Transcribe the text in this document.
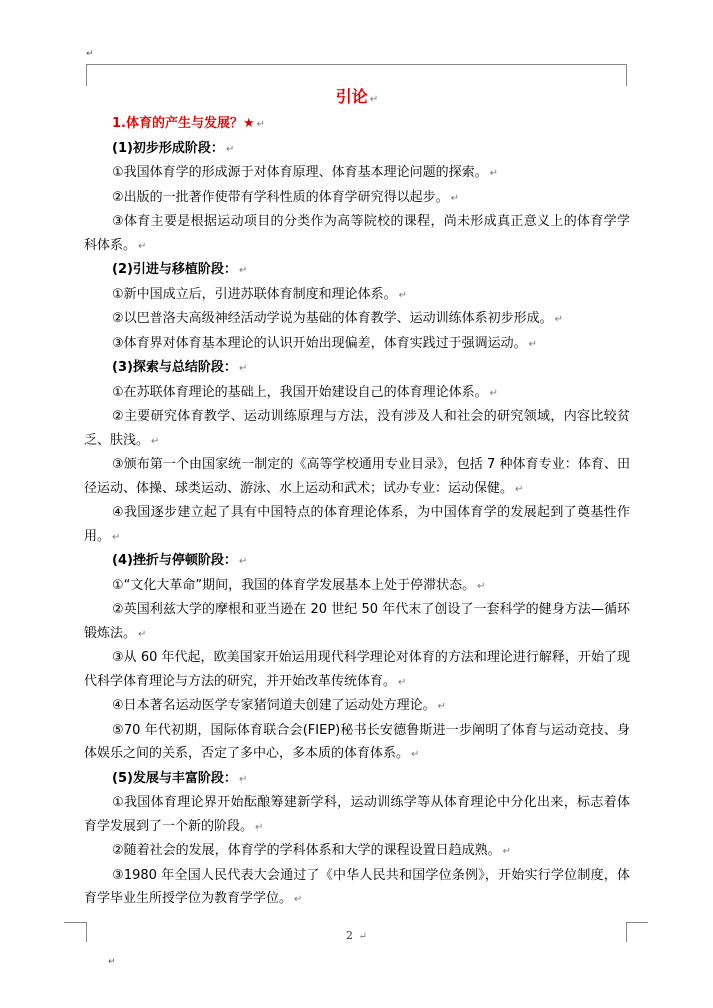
↵
↵
引论 ↵
1.体育的产生与发展？★ ↵
(1)初步形成阶段： ↵

①我国体育学的形成源于对体育原理、体育基本理论问题的探索。 ↵

②出版的一批著作使带有学科性质的体育学研究得以起步。 ↵

③体育主要是根据运动项目的分类作为高等院校的课程，尚未形成真正意义上的体育学学科体系。 ↵

(2)引进与移植阶段： ↵

①新中国成立后，引进苏联体育制度和理论体系。 ↵

②以巴普洛夫高级神经活动学说为基础的体育教学、运动训练体系初步形成。 ↵

③体育界对体育基本理论的认识开始出现偏差，体育实践过于强调运动。 ↵

(3)探索与总结阶段： ↵

①在苏联体育理论的基础上，我国开始建设自己的体育理论体系。 ↵

②主要研究体育教学、运动训练原理与方法，没有涉及人和社会的研究领域，内容比较贫乏、肤浅。 ↵

③颁布第一个由国家统一制定的《高等学校通用专业目录》，包括 7 种体育专业：体育、田径运动、体操、球类运动、游泳、水上运动和武术；试办专业：运动保健。 ↵

④我国逐步建立起了具有中国特点的体育理论体系，为中国体育学的发展起到了奠基性作用。 ↵

(4)挫折与停顿阶段： ↵

①“文化大革命”期间，我国的体育学发展基本上处于停滞状态。 ↵

②英国利兹大学的摩根和亚当逊在 20 世纪 50 年代末了创设了一套科学的健身方法—循环锻炼法。 ↵

③从 60 年代起，欧美国家开始运用现代科学理论对体育的方法和理论进行解释，开始了现代科学体育理论与方法的研究，并开始改革传统体育。 ↵

④日本著名运动医学专家猪饲道夫创建了运动处方理论。 ↵

⑤70 年代初期，国际体育联合会(FIEP)秘书长安德鲁斯进一步阐明了体育与运动竞技、身体娱乐之间的关系，否定了多中心，多本质的体育体系。 ↵

(5)发展与丰富阶段： ↵

①我国体育理论界开始酝酿筹建新学科，运动训练学等从体育理论中分化出来，标志着体育学发展到了一个新的阶段。 ↵

②随着社会的发展，体育学的学科体系和大学的课程设置日趋成熟。 ↵

③1980 年全国人民代表大会通过了《中华人民共和国学位条例》，开始实行学位制度，体育学毕业生所授学位为教育学学位。 ↵

2 ↵
